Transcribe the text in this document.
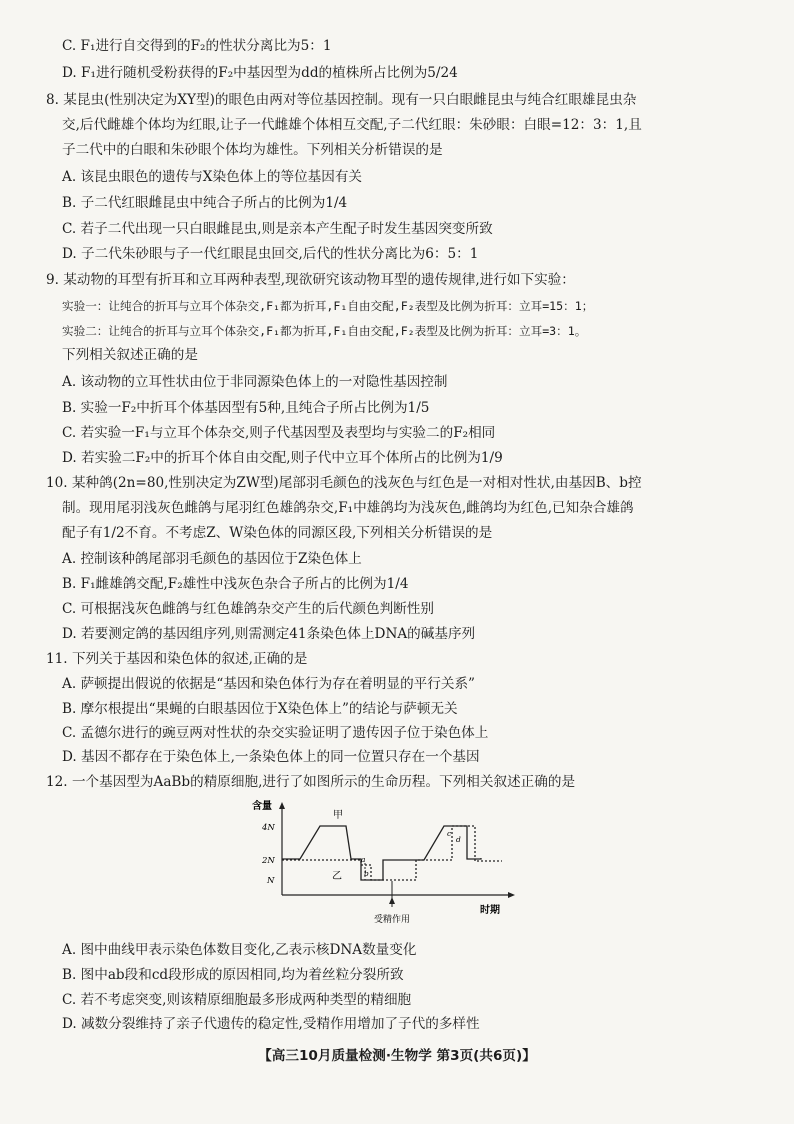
C. F₁进行自交得到的F₂的性状分离比为5：1
D. F₁进行随机受粉获得的F₂中基因型为dd的植株所占比例为5/24
8. 某昆虫(性别决定为XY型)的眼色由两对等位基因控制。现有一只白眼雌昆虫与纯合红眼雄昆虫杂
交,后代雌雄个体均为红眼,让子一代雌雄个体相互交配,子二代红眼：朱砂眼：白眼=12：3：1,且
子二代中的白眼和朱砂眼个体均为雄性。下列相关分析错误的是
A. 该昆虫眼色的遗传与X染色体上的等位基因有关
B. 子二代红眼雌昆虫中纯合子所占的比例为1/4
C. 若子二代出现一只白眼雌昆虫,则是亲本产生配子时发生基因突变所致
D. 子二代朱砂眼与子一代红眼昆虫回交,后代的性状分离比为6：5：1
9. 某动物的耳型有折耳和立耳两种表型,现欲研究该动物耳型的遗传规律,进行如下实验：
实验一：让纯合的折耳与立耳个体杂交,F₁都为折耳,F₁自由交配,F₂表型及比例为折耳：立耳=15：1；
实验二：让纯合的折耳与立耳个体杂交,F₁都为折耳,F₁自由交配,F₂表型及比例为折耳：立耳=3：1。
下列相关叙述正确的是
A. 该动物的立耳性状由位于非同源染色体上的一对隐性基因控制
B. 实验一F₂中折耳个体基因型有5种,且纯合子所占比例为1/5
C. 若实验一F₁与立耳个体杂交,则子代基因型及表型均与实验二的F₂相同
D. 若实验二F₂中的折耳个体自由交配,则子代中立耳个体所占的比例为1/9
10. 某种鸽(2n=80,性别决定为ZW型)尾部羽毛颜色的浅灰色与红色是一对相对性状,由基因B、b控
制。现用尾羽浅灰色雌鸽与尾羽红色雄鸽杂交,F₁中雄鸽均为浅灰色,雌鸽均为红色,已知杂合雄鸽
配子有1/2不育。不考虑Z、W染色体的同源区段,下列相关分析错误的是
A. 控制该种鸽尾部羽毛颜色的基因位于Z染色体上
B. F₁雌雄鸽交配,F₂雄性中浅灰色杂合子所占的比例为1/4
C. 可根据浅灰色雌鸽与红色雄鸽杂交产生的后代颜色判断性别
D. 若要测定鸽的基因组序列,则需测定41条染色体上DNA的碱基序列
11. 下列关于基因和染色体的叙述,正确的是
A. 萨顿提出假说的依据是“基因和染色体行为存在着明显的平行关系”
B. 摩尔根提出“果蝇的白眼基因位于X染色体上”的结论与萨顿无关
C. 孟德尔进行的豌豆两对性状的杂交实验证明了遗传因子位于染色体上
D. 基因不都存在于染色体上,一条染色体上的同一位置只存在一个基因
12. 一个基因型为AaBb的精原细胞,进行了如图所示的生命历程。下列相关叙述正确的是
A. 图中曲线甲表示染色体数目变化,乙表示核DNA数量变化
B. 图中ab段和cd段形成的原因相同,均为着丝粒分裂所致
C. 若不考虑突变,则该精原细胞最多形成两种类型的精细胞
D. 减数分裂维持了亲子代遗传的稳定性,受精作用增加了子代的多样性
含量
时期
4N
2N
N
受精作用
甲
乙
a
b
c
d
【高三10月质量检测·生物学 第3页(共6页)】
